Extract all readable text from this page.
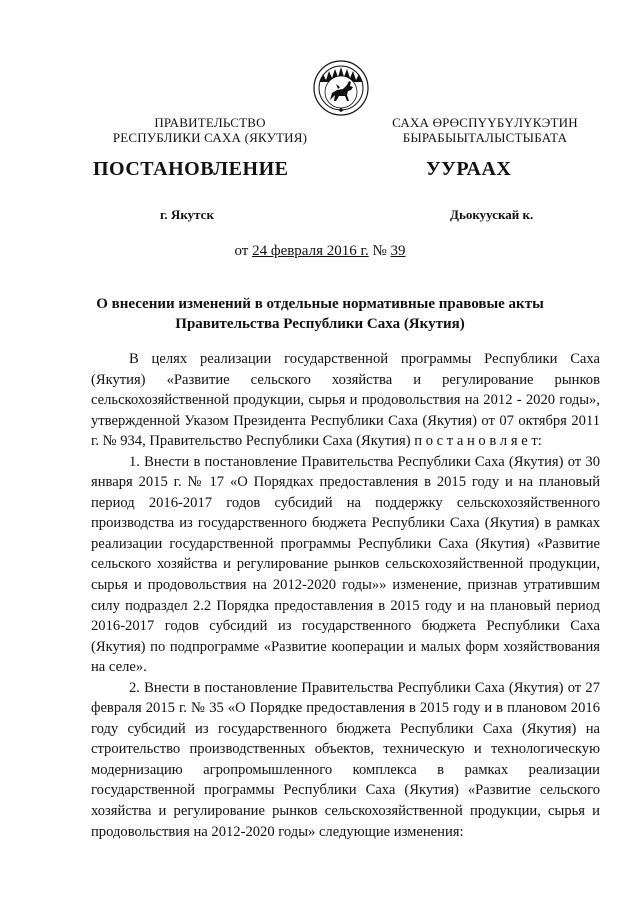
ПРАВИТЕЛЬСТВО
РЕСПУБЛИКИ САХА (ЯКУТИЯ)
САХА ӨРӨСПҮҮБҮЛҮКЭТИН
БЫРАБЫЫТАЛЫСТЫБАТА
ПОСТАНОВЛЕНИЕ	УУРААХ
г. Якутск	Дьокуускай к.
от 24 февраля 2016 г. № 39
О внесении изменений в отдельные нормативные правовые акты
Правительства Республики Саха (Якутия)

В целях реализации государственной программы Республики Саха (Якутия) «Развитие сельского хозяйства и регулирование рынков сельскохозяйственной продукции, сырья и продовольствия на 2012 - 2020 годы», утвержденной Указом Президента Республики Саха (Якутия) от 07 октября 2011 г. № 934, Правительство Республики Саха (Якутия) п о с т а н о в л я е т:

1. Внести в постановление Правительства Республики Саха (Якутия) от 30 января 2015 г. № 17 «О Порядках предоставления в 2015 году и на плановый период 2016-2017 годов субсидий на поддержку сельскохозяйственного производства из государственного бюджета Республики Саха (Якутия) в рамках реализации государственной программы Республики Саха (Якутия) «Развитие сельского хозяйства и регулирование рынков сельскохозяйственной продукции, сырья и продовольствия на 2012-2020 годы»» изменение, признав утратившим силу подраздел 2.2 Порядка предоставления в 2015 году и на плановый период 2016-2017 годов субсидий из государственного бюджета Республики Саха (Якутия) по подпрограмме «Развитие кооперации и малых форм хозяйствования на селе».

2. Внести в постановление Правительства Республики Саха (Якутия) от 27 февраля 2015 г. № 35 «О Порядке предоставления в 2015 году и в плановом 2016 году субсидий из государственного бюджета Республики Саха (Якутия) на строительство производственных объектов, техническую и технологическую модернизацию агропромышленного комплекса в рамках реализации государственной программы Республики Саха (Якутия) «Развитие сельского хозяйства и регулирование рынков сельскохозяйственной продукции, сырья и продовольствия на 2012-2020 годы» следующие изменения:
